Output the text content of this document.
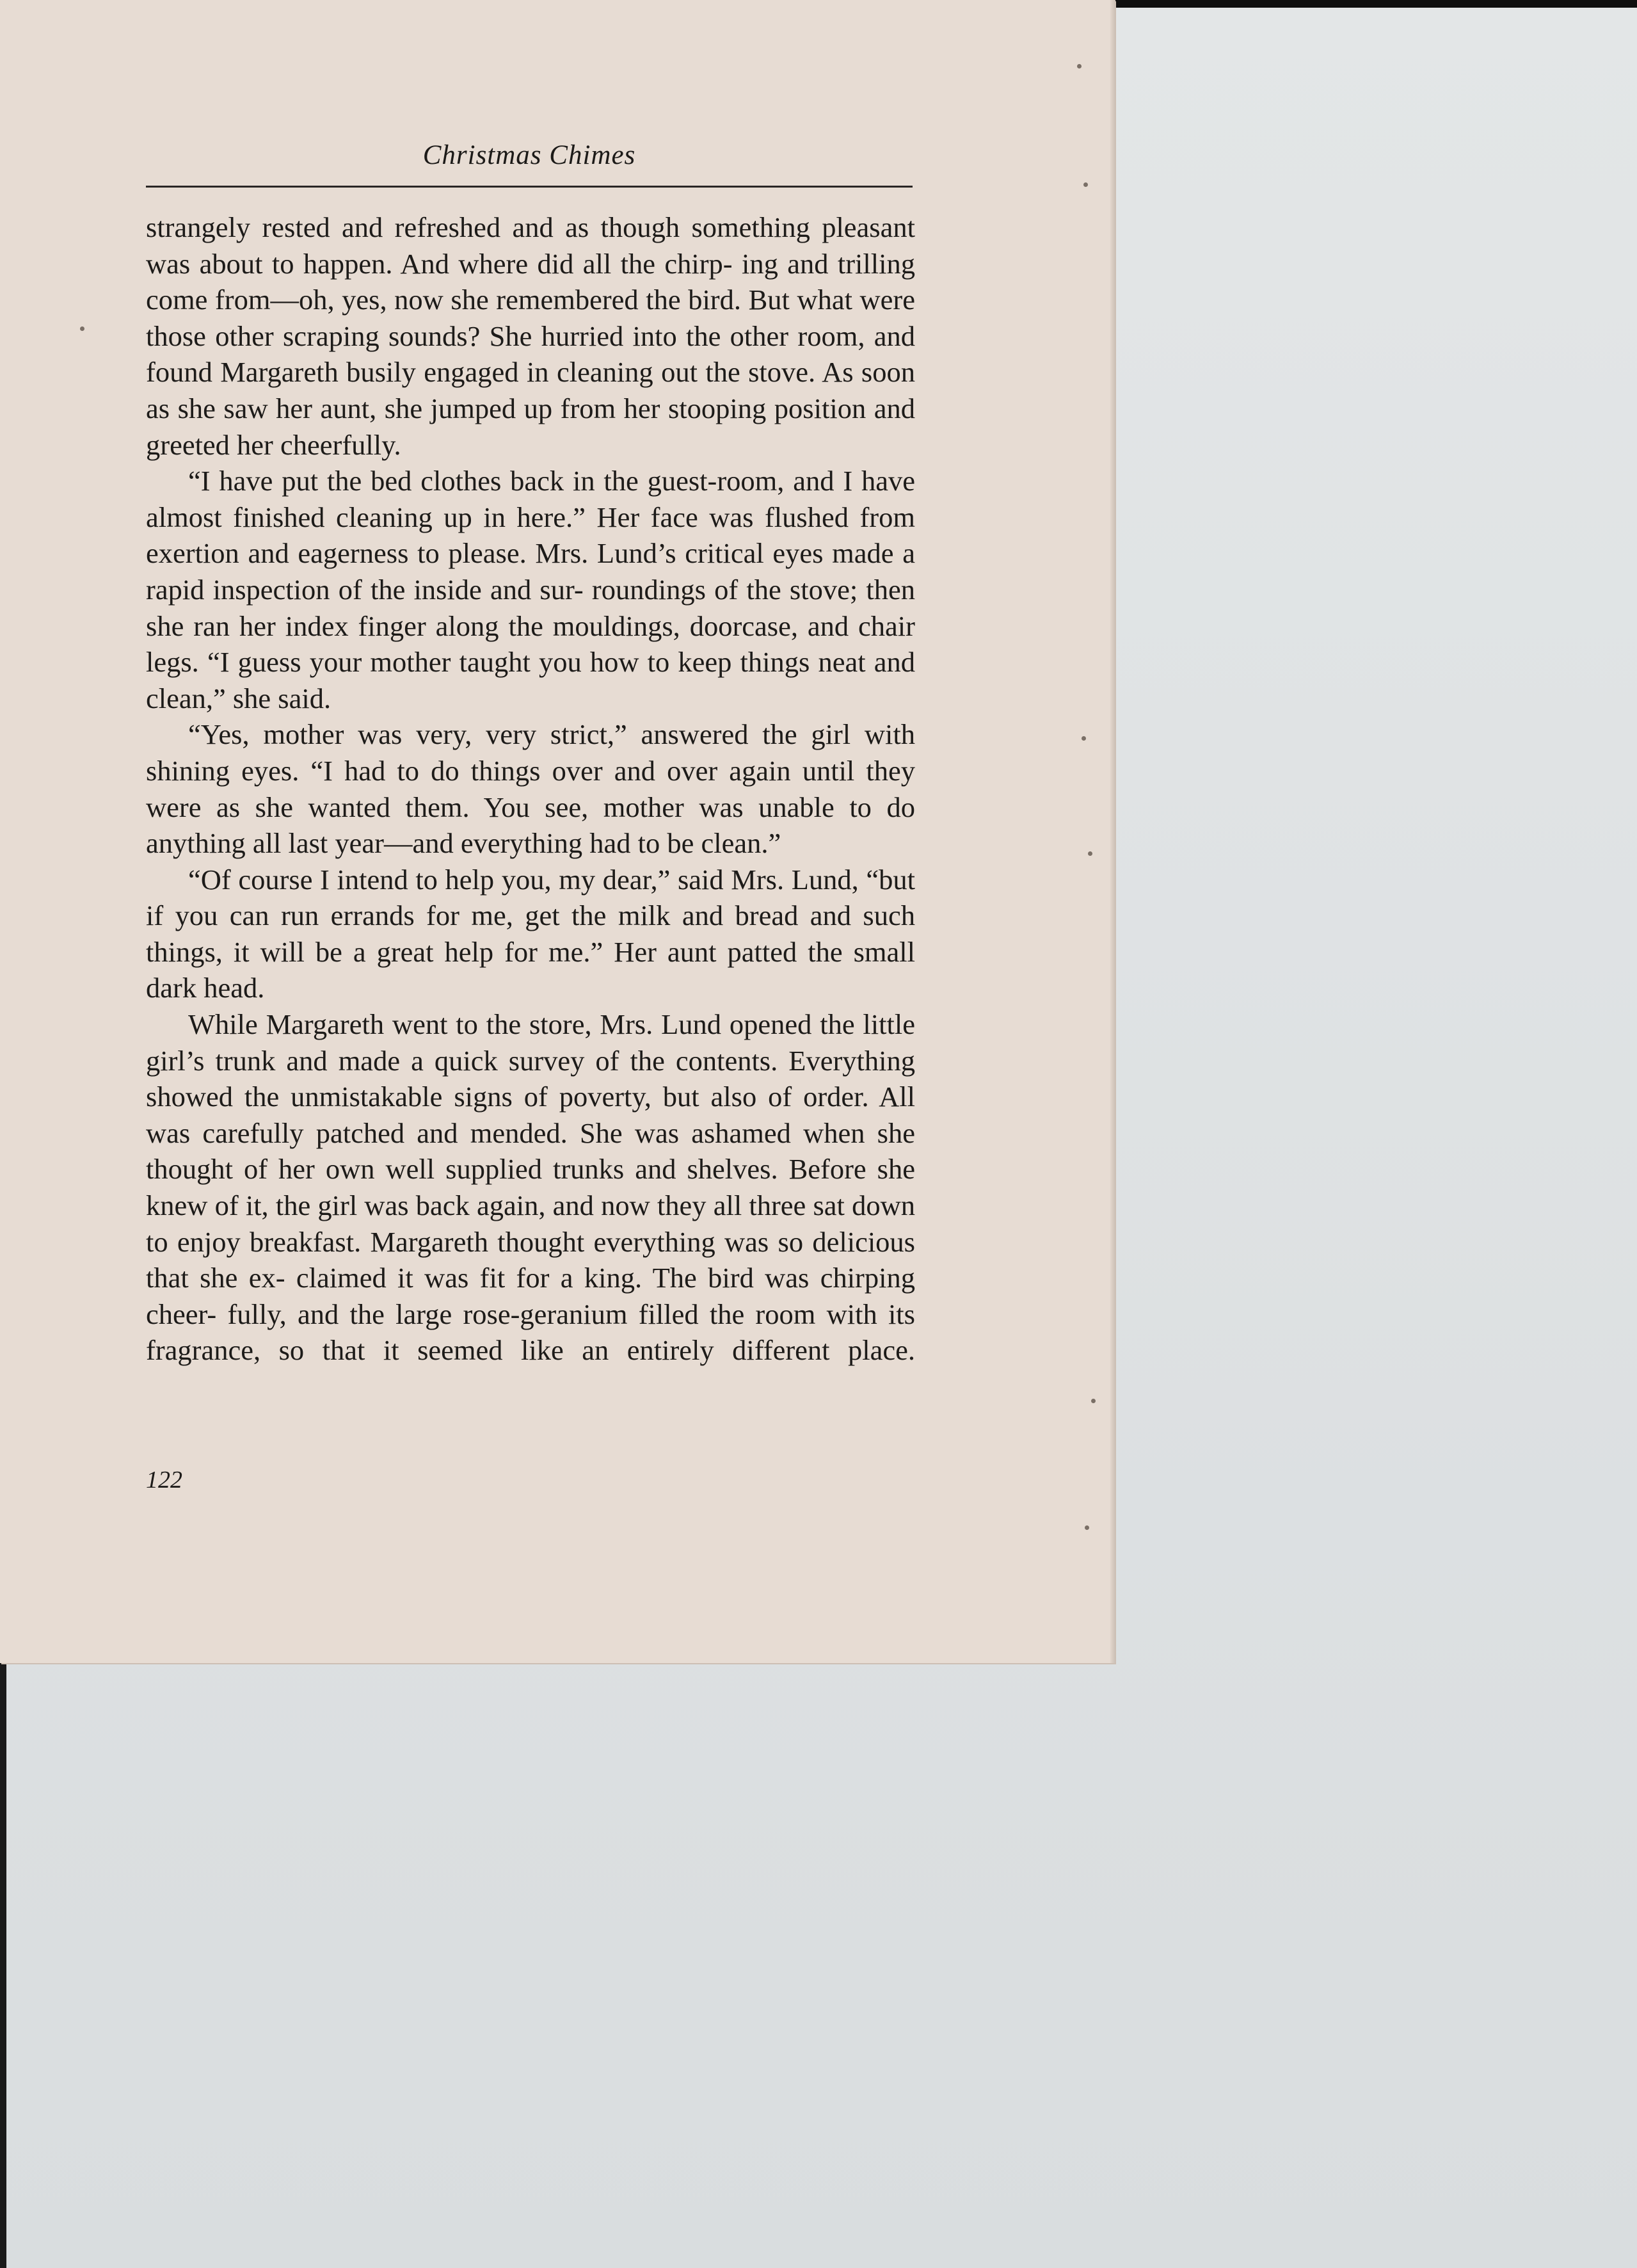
Christmas Chimes

strangely rested and refreshed and as though something pleasant was about to happen. And where did all the chirp- ing and trilling come from—oh, yes, now she remembered the bird. But what were those other scraping sounds? She hurried into the other room, and found Margareth busily engaged in cleaning out the stove. As soon as she saw her aunt, she jumped up from her stooping position and greeted her cheerfully.

“I have put the bed clothes back in the guest-room, and I have almost finished cleaning up in here.” Her face was flushed from exertion and eagerness to please. Mrs. Lund’s critical eyes made a rapid inspection of the inside and sur- roundings of the stove; then she ran her index finger along the mouldings, doorcase, and chair legs. “I guess your mother taught you how to keep things neat and clean,” she said.

“Yes, mother was very, very strict,” answered the girl with shining eyes. “I had to do things over and over again until they were as she wanted them. You see, mother was unable to do anything all last year—and everything had to be clean.”

“Of course I intend to help you, my dear,” said Mrs. Lund, “but if you can run errands for me, get the milk and bread and such things, it will be a great help for me.” Her aunt patted the small dark head.

While Margareth went to the store, Mrs. Lund opened the little girl’s trunk and made a quick survey of the contents. Everything showed the unmistakable signs of poverty, but also of order. All was carefully patched and mended. She was ashamed when she thought of her own well supplied trunks and shelves. Before she knew of it, the girl was back again, and now they all three sat down to enjoy breakfast. Margareth thought everything was so delicious that she ex- claimed it was fit for a king. The bird was chirping cheer- fully, and the large rose-geranium filled the room with its fragrance, so that it seemed like an entirely different place.

122
